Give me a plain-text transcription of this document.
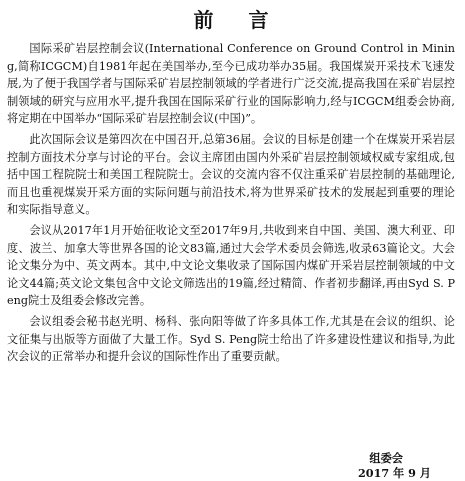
前 言

国际采矿岩层控制会议(International Conference on Ground Control in Mining,简称ICGCM)自1981年起在美国举办,至今已成功举办35届。我国煤炭开采技术飞速发展,为了便于我国学者与国际采矿岩层控制领域的学者进行广泛交流,提高我国在采矿岩层控制领域的研究与应用水平,提升我国在国际采矿行业的国际影响力,经与ICGCM组委会协商,将定期在中国举办“国际采矿岩层控制会议(中国)”。

此次国际会议是第四次在中国召开,总第36届。会议的目标是创建一个在煤炭开采岩层控制方面技术分享与讨论的平台。会议主席团由国内外采矿岩层控制领域权威专家组成,包括中国工程院院士和美国工程院院士。会议的交流内容不仅注重采矿岩层控制的基础理论,而且也重视煤炭开采方面的实际问题与前沿技术,将为世界采矿技术的发展起到重要的理论和实际指导意义。

会议从2017年1月开始征收论文至2017年9月,共收到来自中国、美国、澳大利亚、印度、波兰、加拿大等世界各国的论文83篇,通过大会学术委员会筛选,收录63篇论文。大会论文集分为中、英文两本。其中,中文论文集收录了国际国内煤矿开采岩层控制领域的中文论文44篇;英文论文集包含中文论文筛选出的19篇,经过精简、作者初步翻译,再由Syd S. Peng院士及组委会修改完善。

会议组委会秘书赵光明、杨科、张向阳等做了许多具体工作,尤其是在会议的组织、论文征集与出版等方面做了大量工作。Syd S. Peng院士给出了许多建设性建议和指导,为此次会议的正常举办和提升会议的国际性作出了重要贡献。

组委会
2017 年 9 月
